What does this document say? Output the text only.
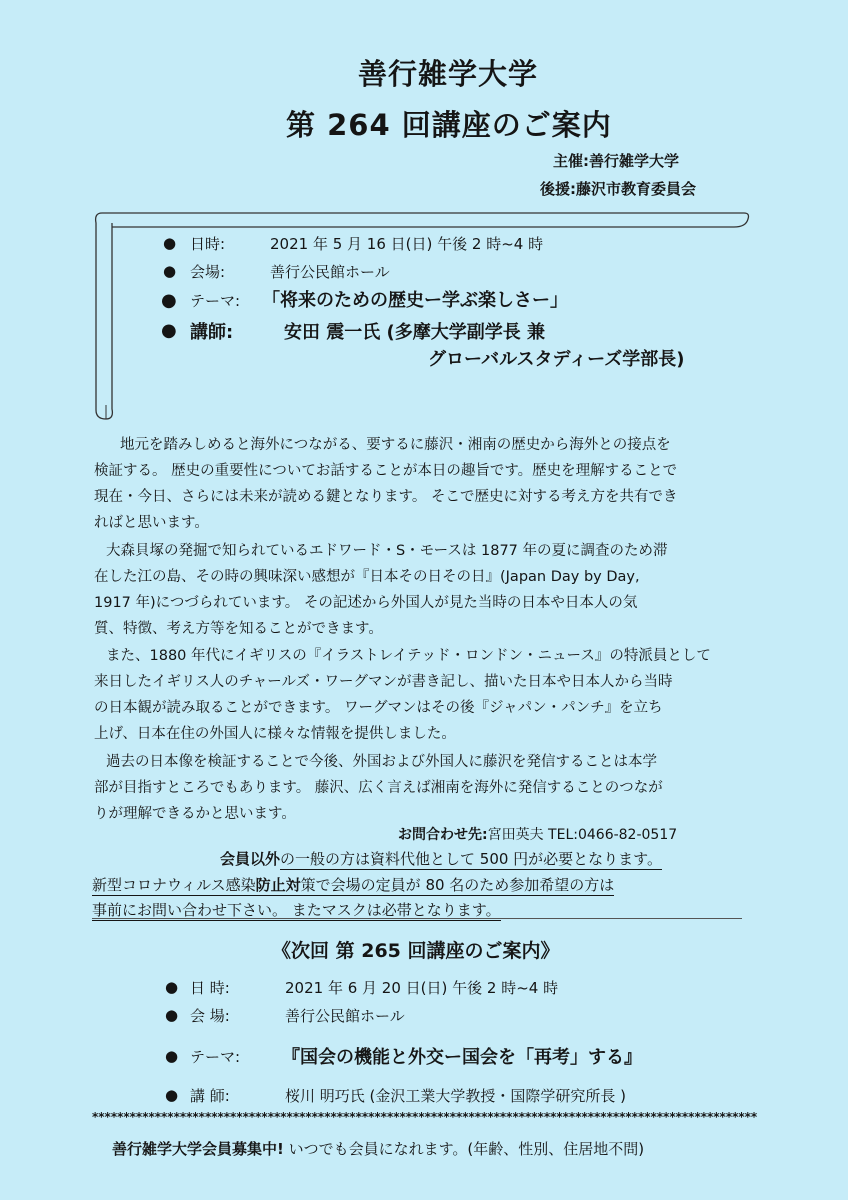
善行雑学大学
第 264 回講座のご案内
主催:善行雑学大学
後援:藤沢市教育委員会
● 日時:	2021 年 5 月 16 日(日) 午後 2 時~4 時
● 会場:	善行公民館ホール
● テーマ: 「将来のための歴史ー学ぶ楽しさー」
● 講師:	安田 震一氏 (多摩大学副学長 兼
グローバルスタディーズ学部長)
地元を踏みしめると海外につながる、要するに藤沢・湘南の歴史から海外との接点を
検証する。 歴史の重要性についてお話することが本日の趣旨です。歴史を理解することで
現在・今日、さらには未来が読める鍵となります。 そこで歴史に対する考え方を共有でき
ればと思います。
大森貝塚の発掘で知られているエドワード・S・モースは 1877 年の夏に調査のため滞
在した江の島、その時の興味深い感想が『日本その日その日』(Japan Day by Day,
1917 年)につづられています。 その記述から外国人が見た当時の日本や日本人の気
質、特徴、考え方等を知ることができます。
また、1880 年代にイギリスの『イラストレイテッド・ロンドン・ニュース』の特派員として
来日したイギリス人のチャールズ・ワーグマンが書き記し、描いた日本や日本人から当時
の日本観が読み取ることができます。 ワーグマンはその後『ジャパン・パンチ』を立ち
上げ、日本在住の外国人に様々な情報を提供しました。
過去の日本像を検証することで今後、外国および外国人に藤沢を発信することは本学
部が目指すところでもあります。 藤沢、広く言えば湘南を海外に発信することのつなが
りが理解できるかと思います。
お問合わせ先:宮田英夫 TEL:0466-82-0517
会員以外の一般の方は資料代他として 500 円が必要となります。
新型コロナウィルス感染防止対策で会場の定員が 80 名のため参加希望の方は
事前にお問い合わせ下さい。 またマスクは必帯となります。
《次回 第 265 回講座のご案内》
● 日 時:	2021 年 6 月 20 日(日) 午後 2 時~4 時
● 会 場:	善行公民館ホール
● テーマ: 『国会の機能と外交ー国会を「再考」する』
● 講 師:	桜川 明巧氏 (金沢工業大学教授・国際学研究所長 )
**********************************************************************************************************
善行雑学大学会員募集中! いつでも会員になれます。(年齢、性別、住居地不問)
